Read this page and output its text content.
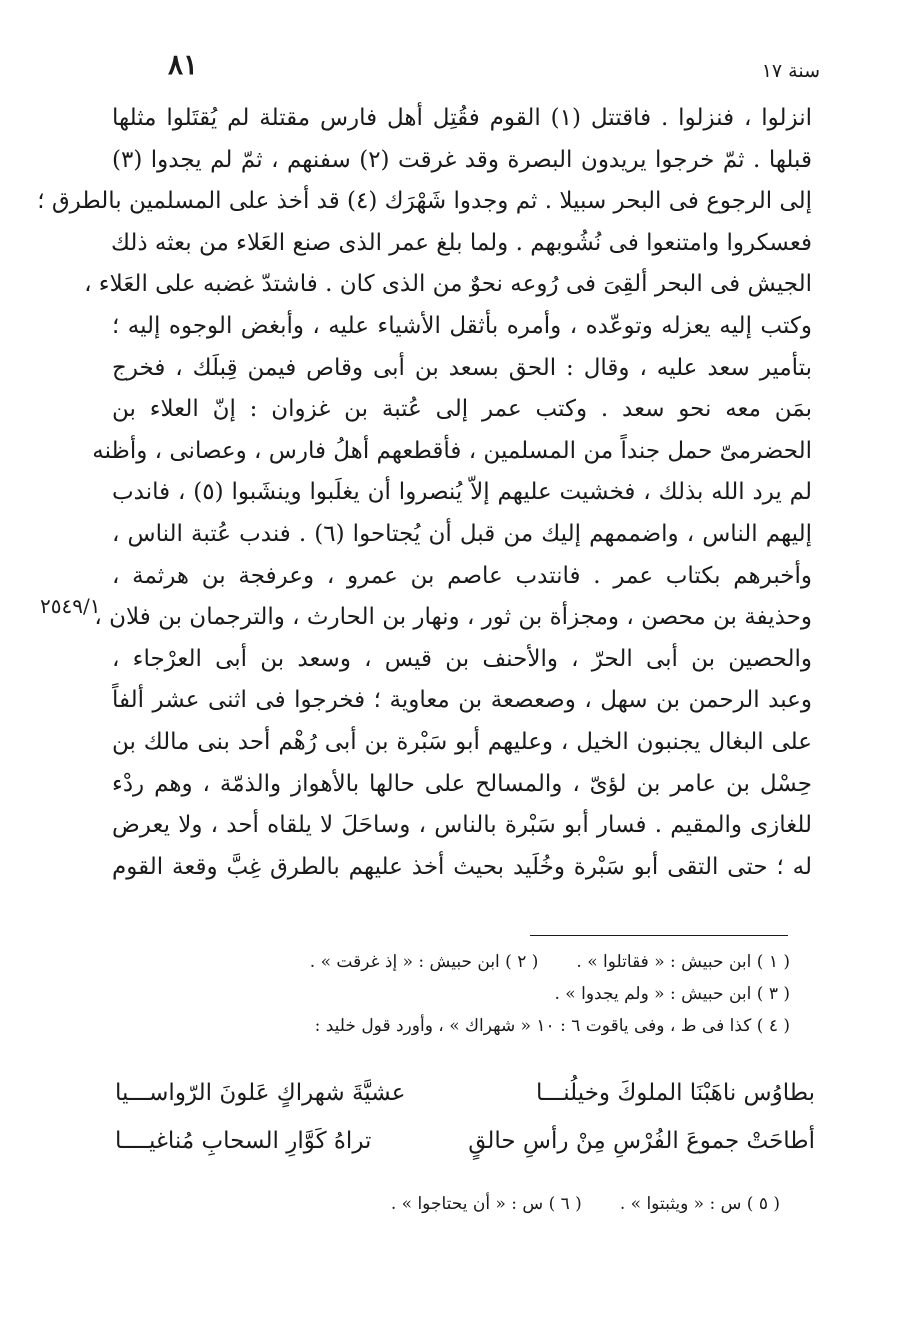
سنة ١٧
٨١
٢٥٤٩/١
انزلوا ، فنزلوا . فاقتتل (١) القوم فقُتِل أهل فارس مقتلة لم يُقتَلوا مثلها
قبلها . ثمّ خرجوا يريدون البصرة وقد غرقت (٢) سفنهم ، ثمّ لم يجدوا (٣)
إلى الرجوع فى البحر سبيلا . ثم وجدوا شَهْرَك (٤) قد أخذ على المسلمين بالطرق ؛
فعسكروا وامتنعوا فى نُشُوبهم . ولما بلغ عمر الذى صنع العَلاء من بعثه ذلك
الجيش فى البحر ألقِىَ فى رُوعه نحوٌ من الذى كان . فاشتدّ غضبه على العَلاء ،
وكتب إليه يعزله وتوعّده ، وأمره بأثقل الأشياء عليه ، وأبغض الوجوه إليه ؛
بتأمير سعد عليه ، وقال : الحق بسعد بن أبى وقاص فيمن قِبلَك ، فخرج
بمَن معه نحو سعد . وكتب عمر إلى عُتبة بن غزوان : إنّ العلاء بن
الحضرمىّ حمل جنداً من المسلمين ، فأقطعهم أهلُ فارس ، وعصانى ، وأظنه
لم يرد الله بذلك ، فخشيت عليهم إلاّ يُنصروا أن يغلَبوا وينشَبوا (٥) ، فاندب
إليهم الناس ، واضممهم إليك من قبل أن يُجتاحوا (٦) . فندب عُتبة الناس ،
وأخبرهم بكتاب عمر . فانتدب عاصم بن عمرو ، وعرفجة بن هرثمة ،
وحذيفة بن محصن ، ومجزأة بن ثور ، ونهار بن الحارث ، والترجمان بن فلان ،
والحصين بن أبى الحرّ ، والأحنف بن قيس ، وسعد بن أبى العرْجاء ،
وعبد الرحمن بن سهل ، وصعصعة بن معاوية ؛ فخرجوا فى اثنى عشر ألفاً
على البغال يجنبون الخيل ، وعليهم أبو سَبْرة بن أبى رُهْم أحد بنى مالك بن
حِسْل بن عامر بن لؤىّ ، والمسالح على حالها بالأهواز والذمّة ، وهم ردْء
للغازى والمقيم . فسار أبو سَبْرة بالناس ، وساحَلَ لا يلقاه أحد ، ولا يعرض
له ؛ حتى التقى أبو سَبْرة وخُلَيد بحيث أخذ عليهم بالطرق غِبَّ وقعة القوم
( ١ ) ابن حبيش : « فقاتلوا » .
( ٢ ) ابن حبيش : « إذ غرقت » .
( ٣ ) ابن حبيش : « ولم يجدوا » .
( ٤ ) كذا فى ط ، وفى ياقوت ٦ : ١٠ « شهراك » ، وأورد قول خليد :
بطاوُس ناهَبْنَا الملوكَ وخيلُنـــا
عشيَّةَ شهراكٍ عَلونَ الرّواســـيا
أطاحَتْ جموعَ الفُرْسِ مِنْ رأسِ حالقٍ
تراهُ كَوَّارِ السحابِ مُناغيــــا
( ٥ ) س : « ويثبتوا » .
( ٦ ) س : « أن يحتاجوا » .
